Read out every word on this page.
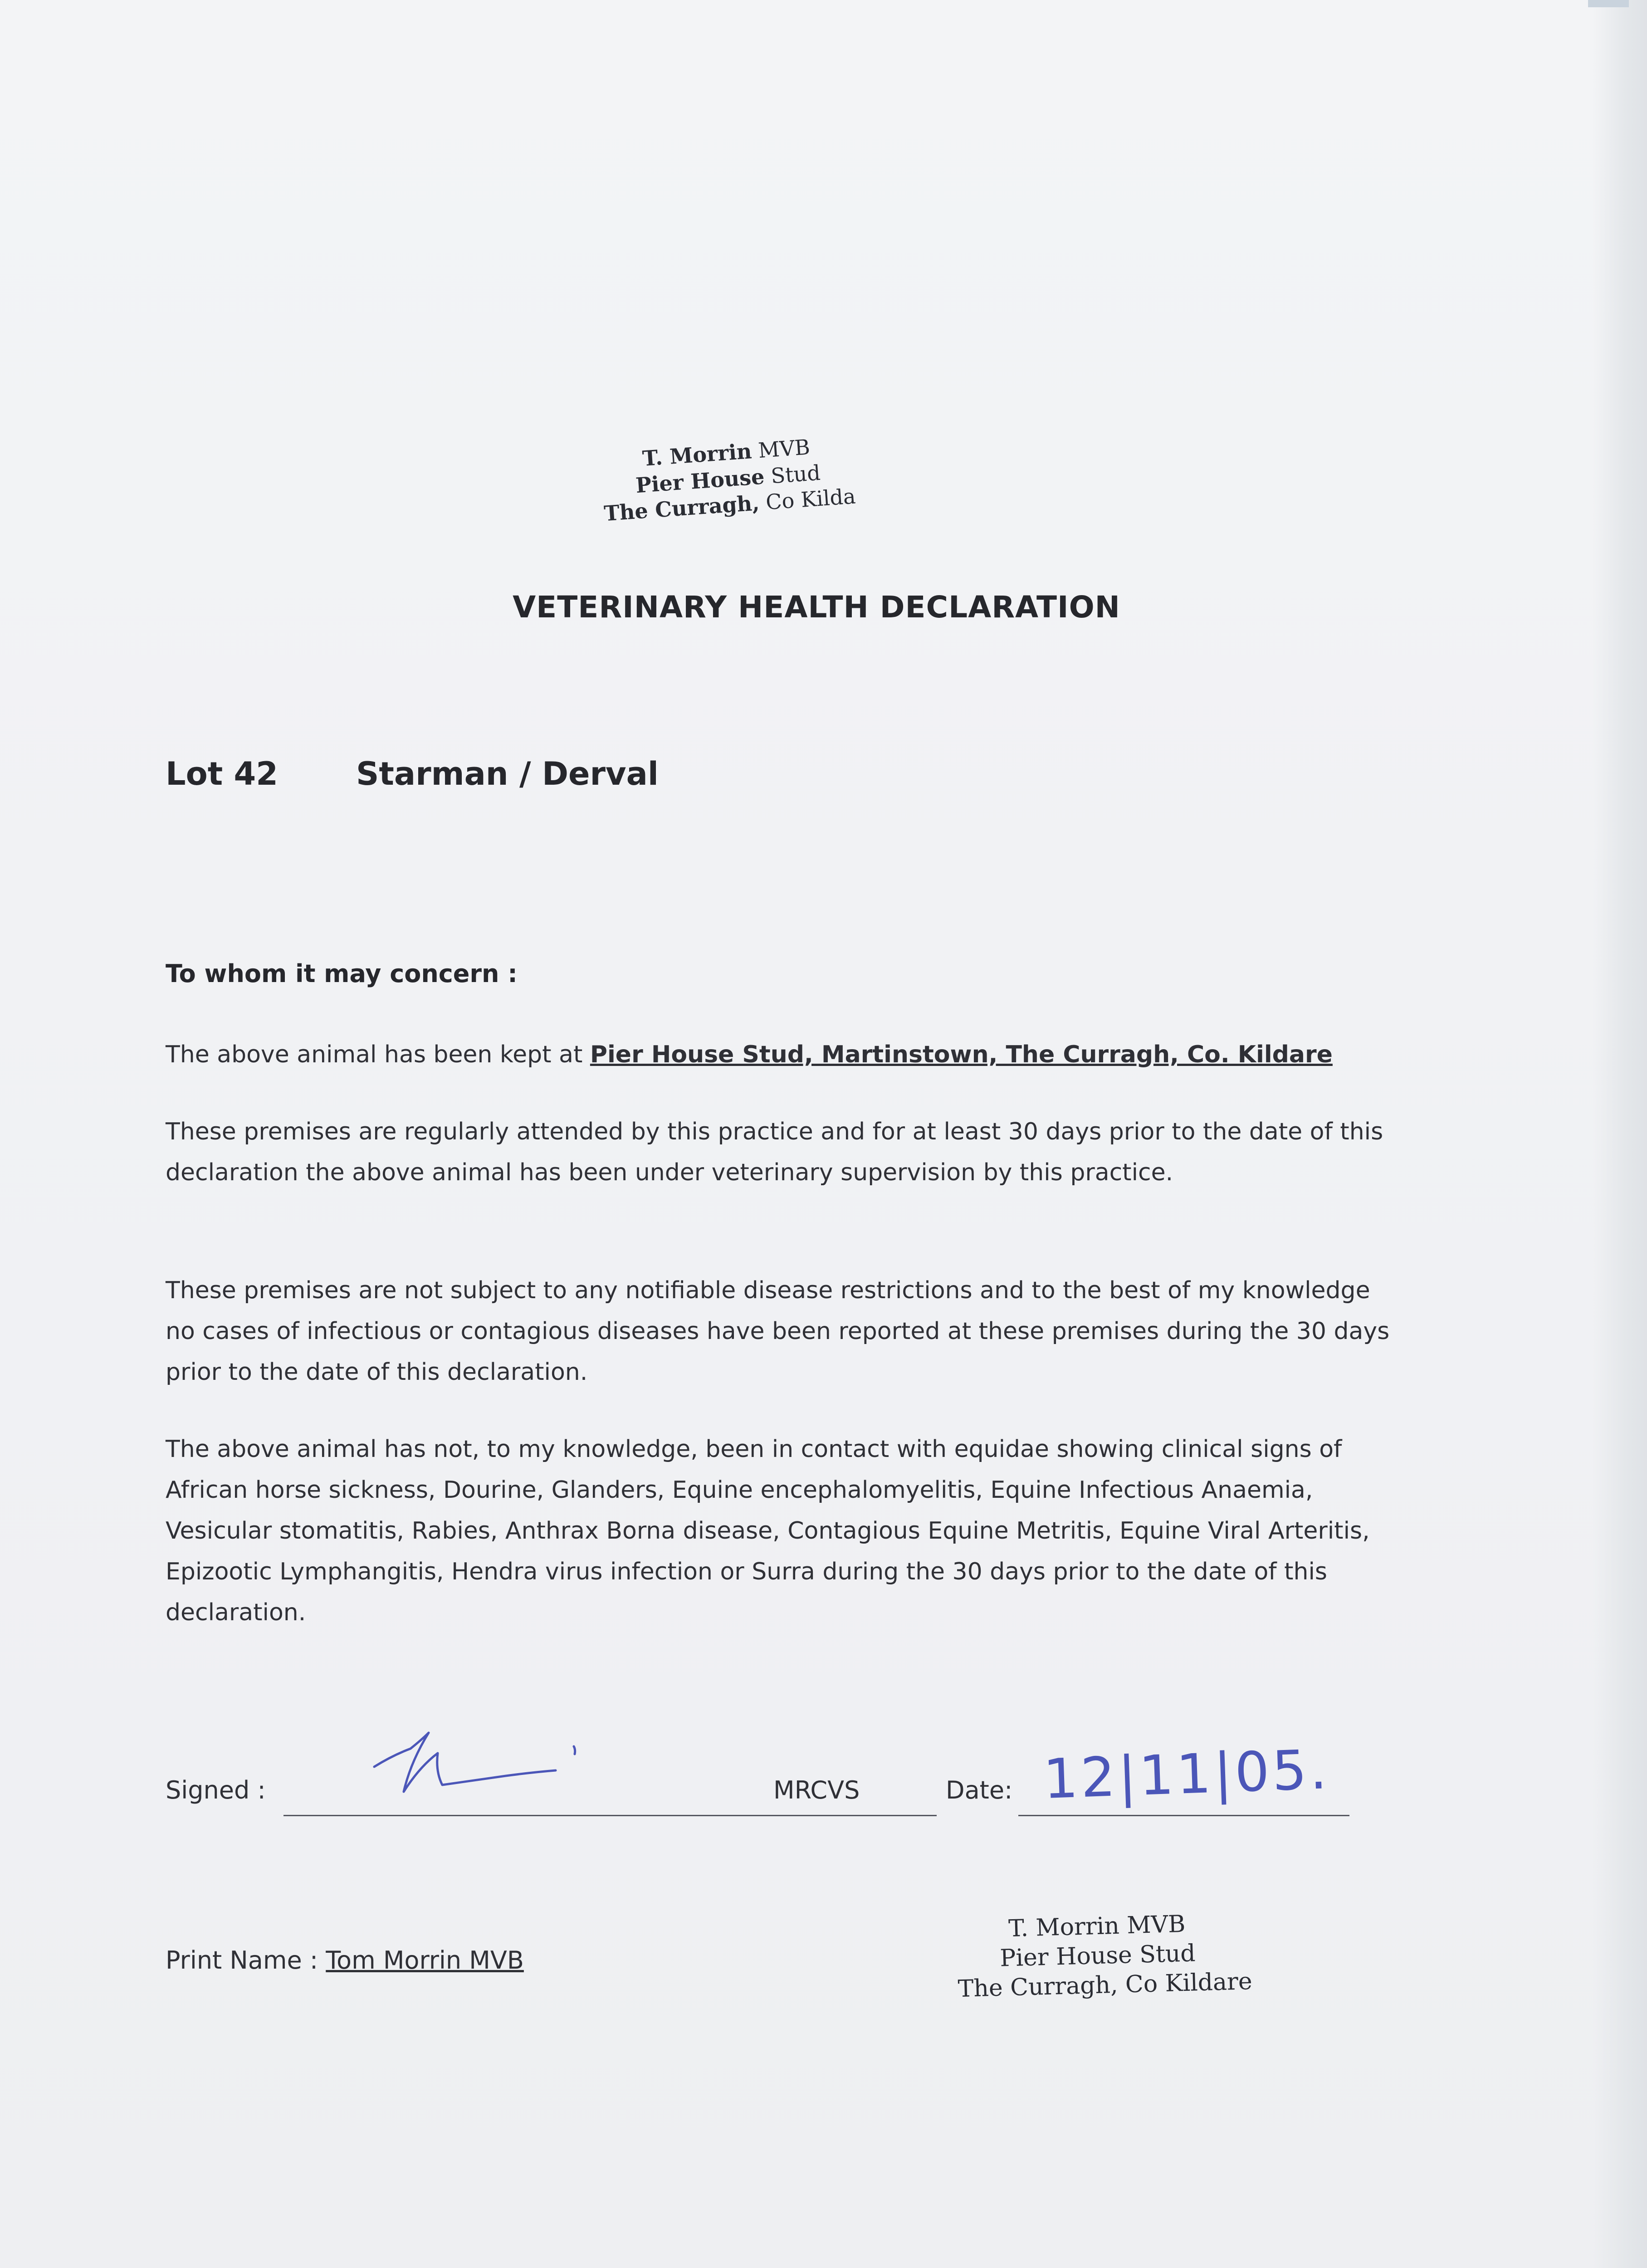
T. Morrin MVB
Pier House Stud
The Curragh, Co Kilda
VETERINARY HEALTH DECLARATION
Lot 42 Starman / Derval
To whom it may concern :
The above animal has been kept at Pier House Stud, Martinstown, The Curragh, Co. Kildare
These premises are regularly attended by this practice and for at least 30 days prior to the date of this declaration the above animal has been under veterinary supervision by this practice.
These premises are not subject to any notifiable disease restrictions and to the best of my knowledge no cases of infectious or contagious diseases have been reported at these premises during the 30 days prior to the date of this declaration.
The above animal has not, to my knowledge, been in contact with equidae showing clinical signs of African horse sickness, Dourine, Glanders, Equine encephalomyelitis, Equine Infectious Anaemia, Vesicular stomatitis, Rabies, Anthrax Borna disease, Contagious Equine Metritis, Equine Viral Arteritis, Epizootic Lymphangitis, Hendra virus infection or Surra during the 30 days prior to the date of this declaration.
Signed :	MRCVS	Date: 12|11|05.
Print Name : Tom Morrin MVB
T. Morrin MVB
Pier House Stud
The Curragh, Co Kildare
